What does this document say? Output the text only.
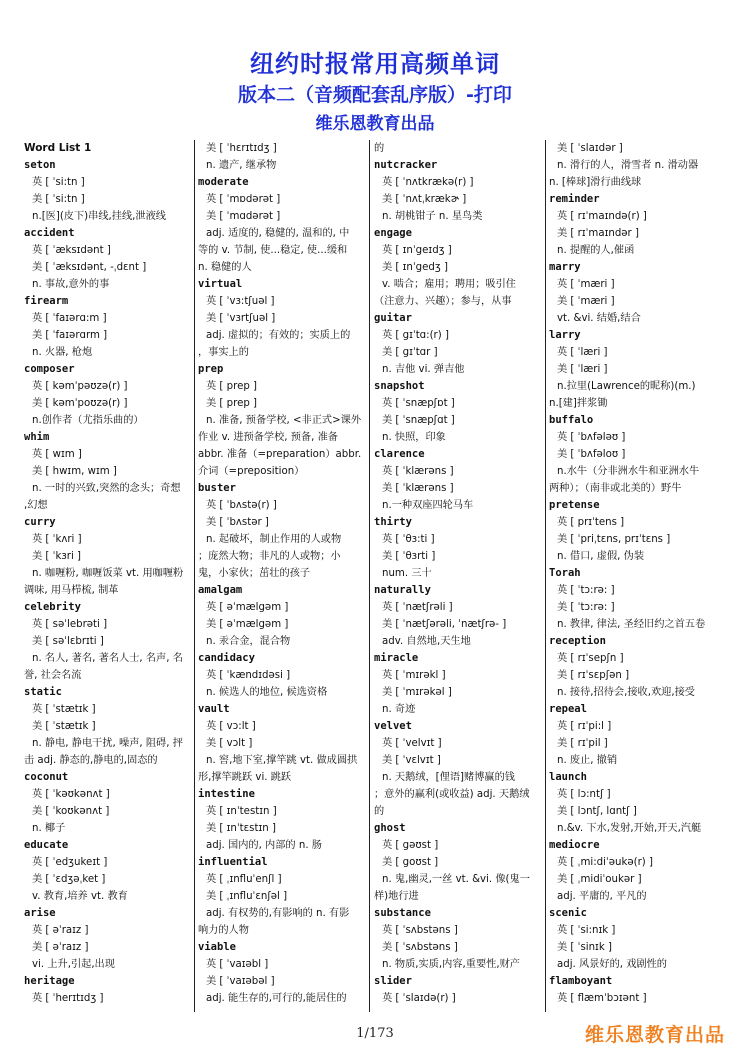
纽约时报常用高频单词
版本二（音频配套乱序版）-打印
维乐恩教育出品
Word List 1
seton
英 [ ˈsi:tn ]
美 [ ˈsi:tn ]
n.[医](皮下)串线,挂线,泄液线
accident
英 [ ˈæksɪdənt ]
美 [ ˈæksɪdənt, -ˌdɛnt ]
n. 事故,意外的事
firearm
英 [ ˈfaɪərɑ:m ]
美 [ ˈfaɪərɑrm ]
n. 火器, 枪炮
composer
英 [ kəmˈpəʊzə(r) ]
美 [ kəmˈpoʊzə(r) ]
n.创作者（尤指乐曲的）
whim
英 [ wɪm ]
美 [ hwɪm, wɪm ]
n. 一时的兴致,突然的念头；奇想
,幻想
curry
英 [ ˈkʌri ]
美 [ ˈkɜri ]
n. 咖喱粉, 咖喱饭菜 vt. 用咖喱粉
调味, 用马栉梳, 制革
celebrity
英 [ səˈlebrəti ]
美 [ səˈlɛbrɪti ]
n. 名人, 著名, 著名人士, 名声, 名
誉, 社会名流
static
英 [ ˈstætɪk ]
美 [ ˈstætɪk ]
n. 静电, 静电干扰, 噪声, 阻碍, 抨
击 adj. 静态的,静电的,固态的
coconut
英 [ ˈkəʊkənʌt ]
美 [ ˈkoʊkənʌt ]
n. 椰子
educate
英 [ ˈedʒukeɪt ]
美 [ ˈɛdʒəˌket ]
v. 教育,培养 vt. 教育
arise
英 [ əˈraɪz ]
美 [ əˈraɪz ]
vi. 上升,引起,出现
heritage
英 [ ˈherɪtɪdʒ ]
美 [ ˈhɛrɪtɪdʒ ]
n. 遗产, 继承物
moderate
英 [ ˈmɒdərət ]
美 [ ˈmɑdərət ]
adj. 适度的, 稳健的, 温和的, 中
等的 v. 节制, 使...稳定, 使...缓和
n. 稳健的人
virtual
英 [ ˈvɜ:tʃuəl ]
美 [ ˈvɜrtʃuəl ]
adj. 虚拟的；有效的；实质上的
，事实上的
prep
英 [ prep ]
美 [ prep ]
n. 准备, 预备学校, <非正式>课外
作业 v. 进预备学校, 预备, 准备
abbr. 准备（=preparation）abbr.
介词（=preposition）
buster
英 [ ˈbʌstə(r) ]
美 [ ˈbʌstər ]
n. 起破坏，制止作用的人或物
；庞然大物；非凡的人或物；小
鬼，小家伙；茁壮的孩子
amalgam
英 [ əˈmælgəm ]
美 [ əˈmælgəm ]
n. 汞合金，混合物
candidacy
英 [ ˈkændɪdəsi ]
n. 候选人的地位, 候选资格
vault
英 [ vɔ:lt ]
美 [ vɔlt ]
n. 窖,地下室,撑竿跳 vt. 做成圆拱
形,撑竿跳跃 vi. 跳跃
intestine
英 [ ɪnˈtestɪn ]
美 [ ɪnˈtɛstɪn ]
adj. 国内的, 内部的 n. 肠
influential
英 [ ˌɪnfluˈenʃl ]
美 [ ˌɪnfluˈɛnʃəl ]
adj. 有权势的,有影响的 n. 有影
响力的人物
viable
英 [ ˈvaɪəbl ]
美 [ ˈvaɪəbəl ]
adj. 能生存的,可行的,能居住的
的
nutcracker
英 [ ˈnʌtkrækə(r) ]
美 [ ˈnʌtˌkrækɚ ]
n. 胡桃钳子 n. 星鸟类
engage
英 [ ɪnˈgeɪdʒ ]
美 [ ɪnˈgedʒ ]
v. 啮合；雇用；聘用；吸引住
（注意力、兴趣）；参与，从事
guitar
英 [ gɪˈtɑ:(r) ]
美 [ gɪˈtɑr ]
n. 吉他 vi. 弹吉他
snapshot
英 [ ˈsnæpʃɒt ]
美 [ ˈsnæpʃɑt ]
n. 快照，印象
clarence
英 [ ˈklærəns ]
美 [ ˈklærəns ]
n.一种双座四轮马车
thirty
英 [ ˈθɜ:ti ]
美 [ ˈθɜrti ]
num. 三十
naturally
英 [ ˈnætʃrəli ]
美 [ ˈnætʃərəli, ˈnætʃrə- ]
adv. 自然地,天生地
miracle
英 [ ˈmɪrəkl ]
美 [ ˈmɪrəkəl ]
n. 奇迹
velvet
英 [ ˈvelvɪt ]
美 [ ˈvɛlvɪt ]
n. 天鹅绒，[俚语]赌博赢的钱
；意外的赢利(或收益) adj. 天鹅绒
的
ghost
英 [ gəʊst ]
美 [ goʊst ]
n. 鬼,幽灵,一丝 vt. &vi. 像(鬼一
样)地行进
substance
英 [ ˈsʌbstəns ]
美 [ ˈsʌbstəns ]
n. 物质,实质,内容,重要性,财产
slider
英 [ ˈslaɪdə(r) ]
美 [ ˈslaɪdər ]
n. 滑行的人，滑雪者 n. 滑动器
n. [棒球]滑行曲线球
reminder
英 [ rɪˈmaɪndə(r) ]
美 [ rɪˈmaɪndər ]
n. 提醒的人,催函
marry
英 [ ˈmæri ]
美 [ ˈmæri ]
vt. &vi. 结婚,结合
larry
英 [ ˈlæri ]
美 [ ˈlæri ]
n.拉里(Lawrence的昵称)(m.)
n.[建]拌浆锄
buffalo
英 [ ˈbʌfələʊ ]
美 [ ˈbʌfəloʊ ]
n.水牛（分非洲水牛和亚洲水牛
两种）；（南非或北美的）野牛
pretense
英 [ prɪˈtens ]
美 [ ˈpriˌtɛns, prɪˈtɛns ]
n. 借口, 虚假, 伪装
Torah
英 [ ˈtɔ:rə: ]
美 [ ˈtɔ:rə: ]
n. 教律, 律法, 圣经旧约之首五卷
reception
英 [ rɪˈsepʃn ]
美 [ rɪˈsɛpʃən ]
n. 接待,招待会,接收,欢迎,接受
repeal
英 [ rɪˈpi:l ]
美 [ rɪˈpil ]
n. 废止, 撤销
launch
英 [ lɔ:ntʃ ]
美 [ lɔntʃ, lɑntʃ ]
n.&v. 下水,发射,开始,开天,汽艇
mediocre
英 [ ˌmi:diˈəukə(r) ]
美 [ ˌmidiˈoukər ]
adj. 平庸的, 平凡的
scenic
英 [ ˈsi:nɪk ]
美 [ ˈsinɪk ]
adj. 风景好的, 戏剧性的
flamboyant
英 [ flæmˈbɔɪənt ]
1/173	维乐恩教育出品
